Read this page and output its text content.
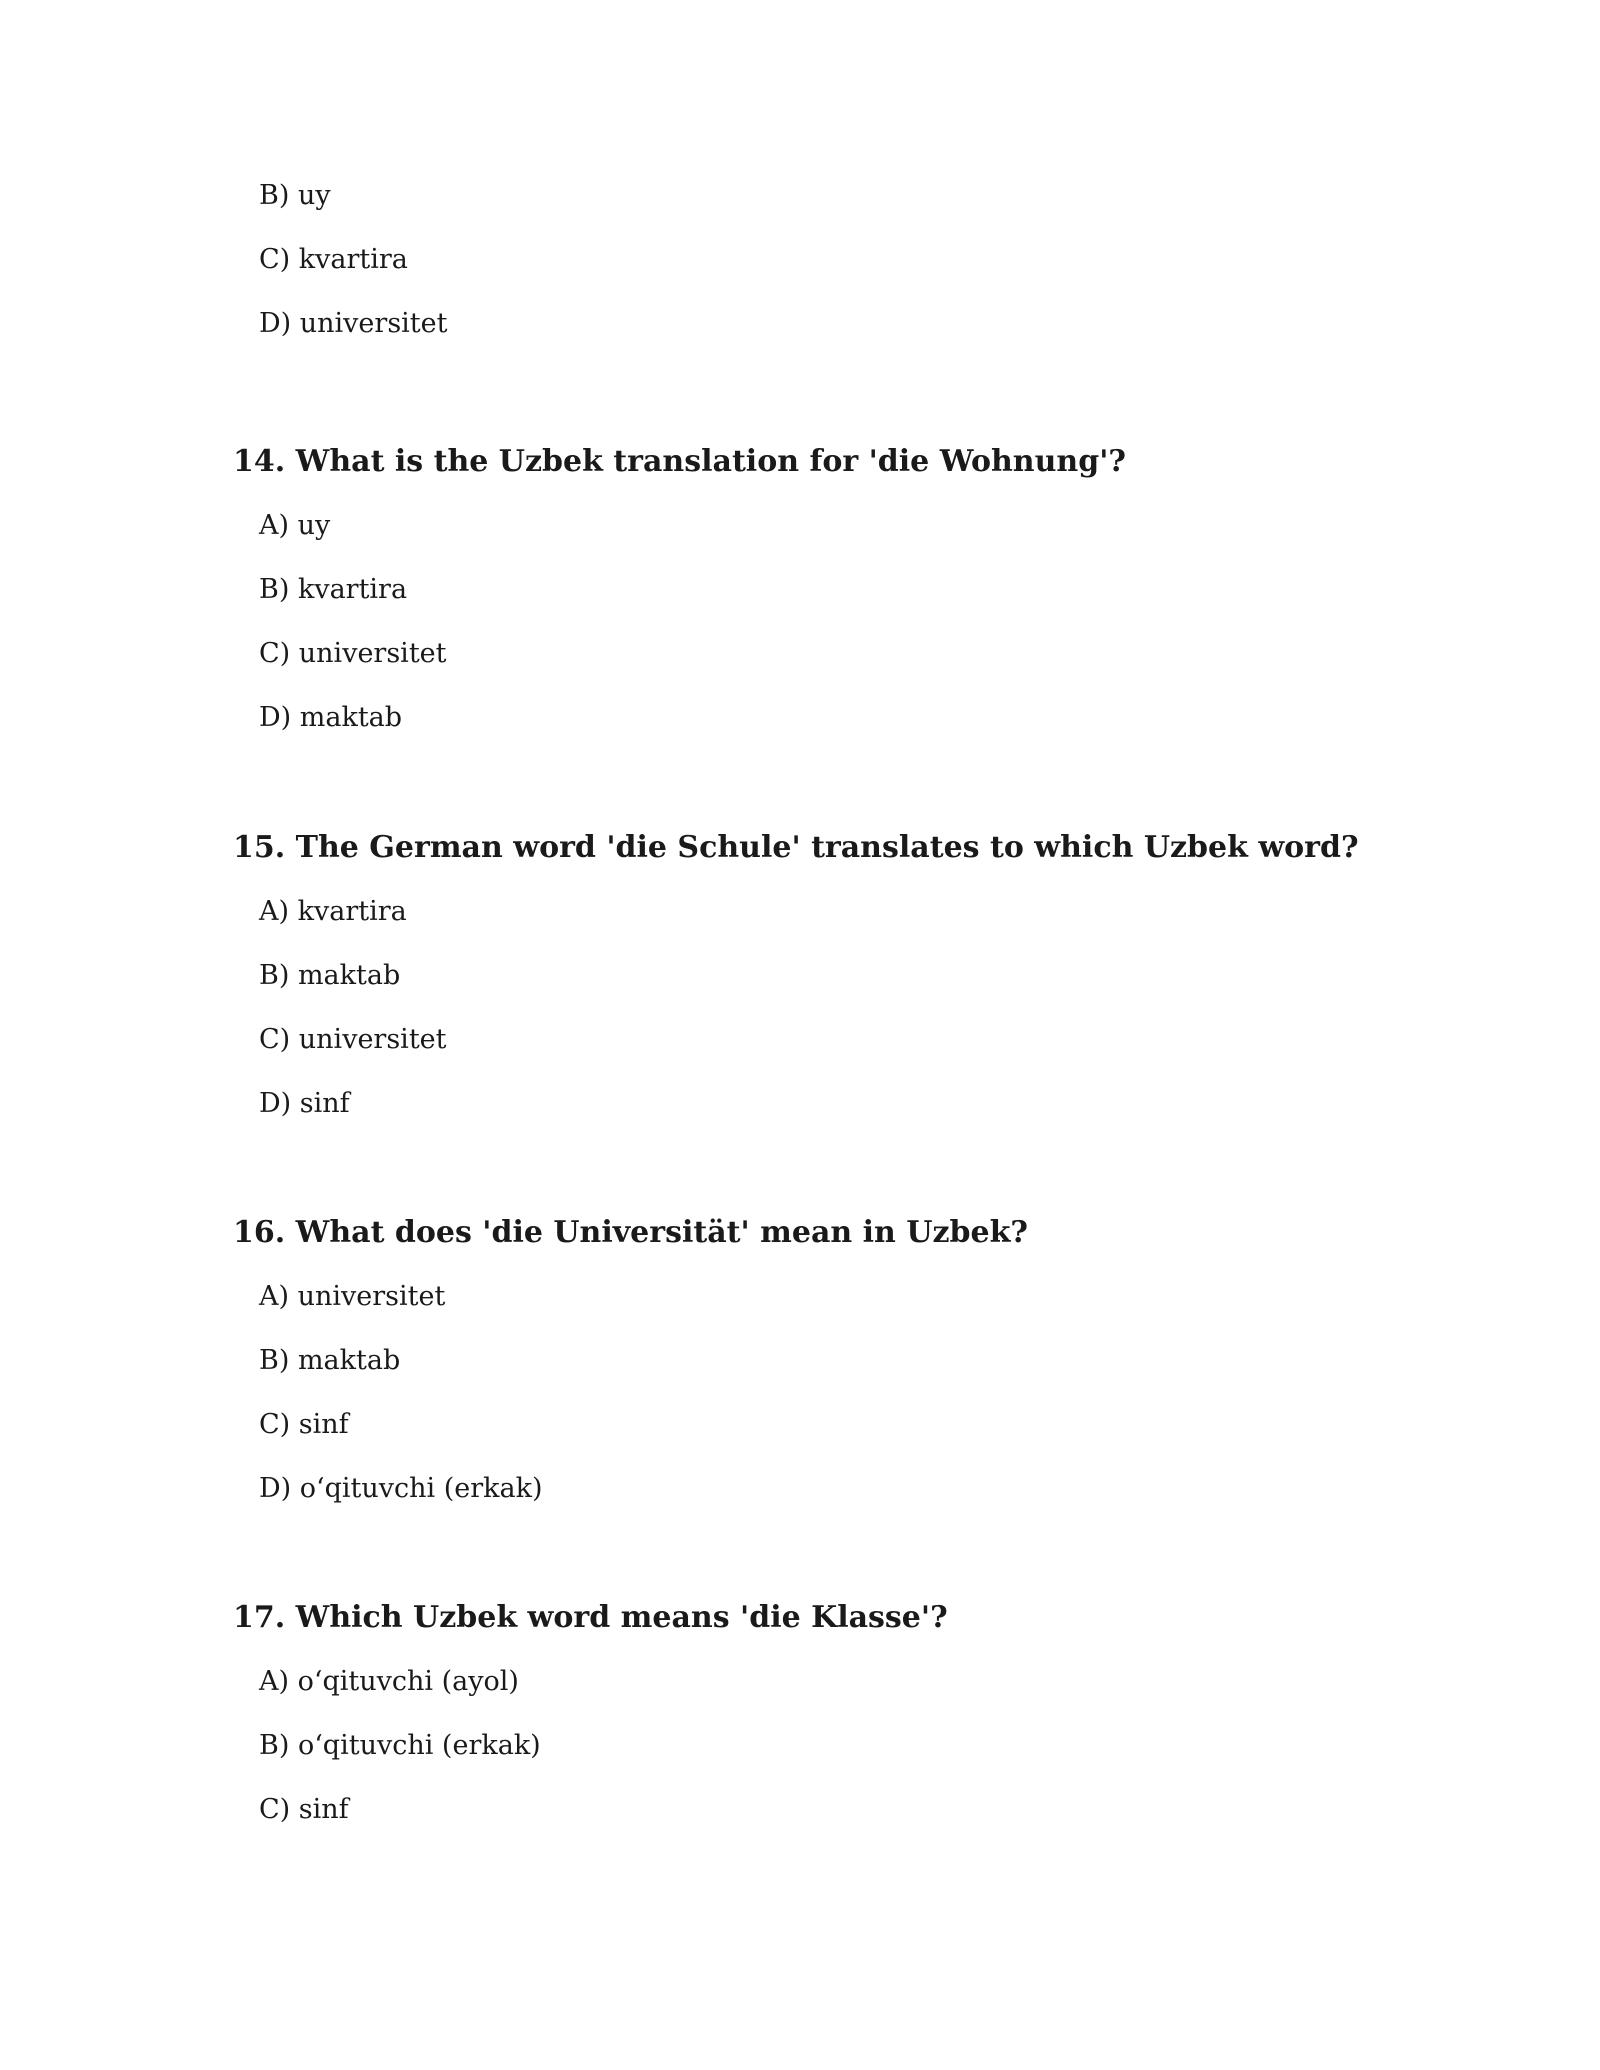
B) uy
C) kvartira
D) universitet
14. What is the Uzbek translation for 'die Wohnung'?
A) uy
B) kvartira
C) universitet
D) maktab
15. The German word 'die Schule' translates to which Uzbek word?
A) kvartira
B) maktab
C) universitet
D) sinf
16. What does 'die Universität' mean in Uzbek?
A) universitet
B) maktab
C) sinf
D) o‘qituvchi (erkak)
17. Which Uzbek word means 'die Klasse'?
A) o‘qituvchi (ayol)
B) o‘qituvchi (erkak)
C) sinf
